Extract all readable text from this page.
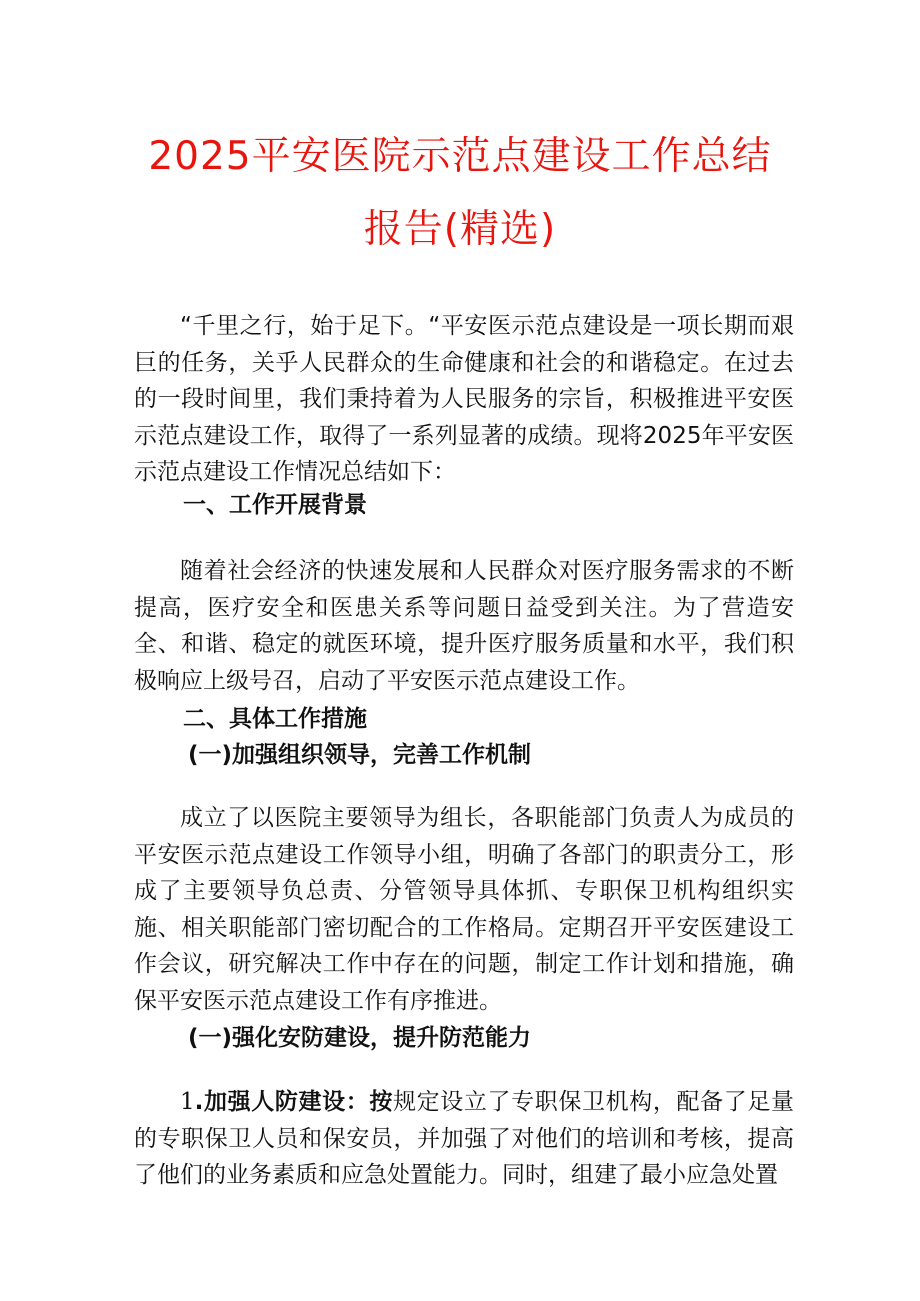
2025平安医院示范点建设工作总结
报告(精选)

“千里之行，始于足下。“平安医示范点建设是一项长期而艰巨的任务，关乎人民群众的生命健康和社会的和谐稳定。在过去的一段时间里，我们秉持着为人民服务的宗旨，积极推进平安医示范点建设工作，取得了一系列显著的成绩。现将2025年平安医示范点建设工作情况总结如下：

一、工作开展背景

随着社会经济的快速发展和人民群众对医疗服务需求的不断提高，医疗安全和医患关系等问题日益受到关注。为了营造安全、和谐、稳定的就医环境，提升医疗服务质量和水平，我们积极响应上级号召，启动了平安医示范点建设工作。

二、具体工作措施
(一)加强组织领导，完善工作机制

成立了以医院主要领导为组长，各职能部门负责人为成员的平安医示范点建设工作领导小组，明确了各部门的职责分工，形成了主要领导负总责、分管领导具体抓、专职保卫机构组织实施、相关职能部门密切配合的工作格局。定期召开平安医建设工作会议，研究解决工作中存在的问题，制定工作计划和措施，确保平安医示范点建设工作有序推进。

(一)强化安防建设，提升防范能力

1.加强人防建设：按规定设立了专职保卫机构，配备了足量的专职保卫人员和保安员，并加强了对他们的培训和考核，提高了他们的业务素质和应急处置能力。同时，组建了最小应急处置
